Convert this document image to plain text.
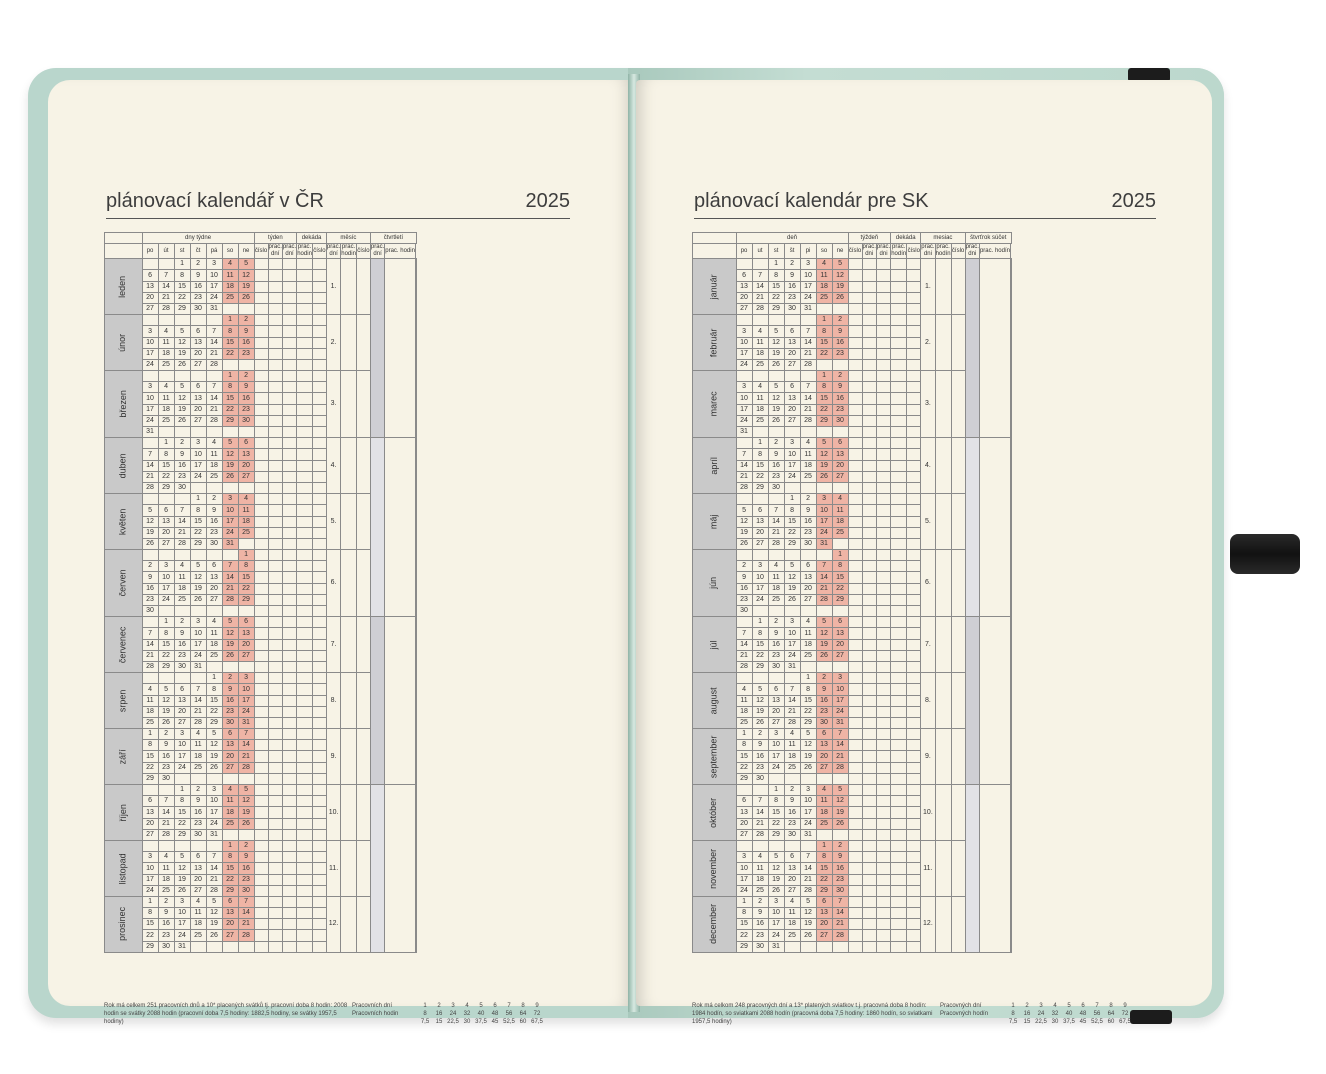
plánovací kalendář v ČR	2025
	dny týdne							týden			dekáda		měsíc			čtvrtletí		
	po	út	st	čt	pá	so	ne	číslo	prac. dní	prac. dní	prac. hodin	číslo	prac. dní	prac. hodin	číslo	prac. dní	prac. hodin	
leden			1	2	3	4	5						1.					
	6	7	8	9	10	11	12											
	13	14	15	16	17	18	19											
	20	21	22	23	24	25	26											
	27	28	29	30	31													
únor						1	2						2.					
	3	4	5	6	7	8	9											
	10	11	12	13	14	15	16											
	17	18	19	20	21	22	23											
	24	25	26	27	28													
březen						1	2						3.					
	3	4	5	6	7	8	9											
	10	11	12	13	14	15	16											
	17	18	19	20	21	22	23											
	24	25	26	27	28	29	30											
	31																	
duben		1	2	3	4	5	6						4.					
	7	8	9	10	11	12	13											
	14	15	16	17	18	19	20											
	21	22	23	24	25	26	27											
	28	29	30															
květen				1	2	3	4						5.					
	5	6	7	8	9	10	11											
	12	13	14	15	16	17	18											
	19	20	21	22	23	24	25											
	26	27	28	29	30	31												
červen							1						6.					
	2	3	4	5	6	7	8											
	9	10	11	12	13	14	15											
	16	17	18	19	20	21	22											
	23	24	25	26	27	28	29											
	30																	
červenec		1	2	3	4	5	6						7.					
	7	8	9	10	11	12	13											
	14	15	16	17	18	19	20											
	21	22	23	24	25	26	27											
	28	29	30	31														
srpen					1	2	3						8.					
	4	5	6	7	8	9	10											
	11	12	13	14	15	16	17											
	18	19	20	21	22	23	24											
	25	26	27	28	29	30	31											
září	1	2	3	4	5	6	7						9.					
	8	9	10	11	12	13	14											
	15	16	17	18	19	20	21											
	22	23	24	25	26	27	28											
	29	30																
říjen			1	2	3	4	5						10.					
	6	7	8	9	10	11	12											
	13	14	15	16	17	18	19											
	20	21	22	23	24	25	26											
	27	28	29	30	31													
listopad						1	2						11.					
	3	4	5	6	7	8	9											
	10	11	12	13	14	15	16											
	17	18	19	20	21	22	23											
	24	25	26	27	28	29	30											
prosinec	1	2	3	4	5	6	7						12.					
	8	9	10	11	12	13	14											
	15	16	17	18	19	20	21											
	22	23	24	25	26	27	28											
	29	30	31															
Rok má celkem 251 pracovních dnů a 10* placených svátků tj. pracovní doba 8 hodin: 2008 hodin se svátky 2088 hodin (pracovní doba 7,5 hodiny: 1882,5 hodiny, se svátky 1957,5 hodiny)
Pracovních dní	1 2 3 4 5 6 7 8 9
Pracovních hodin	8 16 24 32 40 48 56 64 72
7,5 15 22,5 30 37,5 45 52,5 60 67,5
plánovací kalendár pre SK	2025
	deň							týždeň			dekáda		mesiac			štvrťrok súčet		
	po	ut	st	št	pi	so	ne	číslo	prac. dni	prac. dni	prac. hodín	číslo	prac. dni	prac. hodín	číslo	prac. dni	prac. hodín	
január			1	2	3	4	5						1.					
	6	7	8	9	10	11	12											
	13	14	15	16	17	18	19											
	20	21	22	23	24	25	26											
	27	28	29	30	31													
február						1	2						2.					
	3	4	5	6	7	8	9											
	10	11	12	13	14	15	16											
	17	18	19	20	21	22	23											
	24	25	26	27	28													
marec						1	2						3.					
	3	4	5	6	7	8	9											
	10	11	12	13	14	15	16											
	17	18	19	20	21	22	23											
	24	25	26	27	28	29	30											
	31																	
apríl		1	2	3	4	5	6						4.					
	7	8	9	10	11	12	13											
	14	15	16	17	18	19	20											
	21	22	23	24	25	26	27											
	28	29	30															
máj				1	2	3	4						5.					
	5	6	7	8	9	10	11											
	12	13	14	15	16	17	18											
	19	20	21	22	23	24	25											
	26	27	28	29	30	31												
jún							1						6.					
	2	3	4	5	6	7	8											
	9	10	11	12	13	14	15											
	16	17	18	19	20	21	22											
	23	24	25	26	27	28	29											
	30																	
júl		1	2	3	4	5	6						7.					
	7	8	9	10	11	12	13											
	14	15	16	17	18	19	20											
	21	22	23	24	25	26	27											
	28	29	30	31														
august					1	2	3						8.					
	4	5	6	7	8	9	10											
	11	12	13	14	15	16	17											
	18	19	20	21	22	23	24											
	25	26	27	28	29	30	31											
september	1	2	3	4	5	6	7						9.					
	8	9	10	11	12	13	14											
	15	16	17	18	19	20	21											
	22	23	24	25	26	27	28											
	29	30																
október			1	2	3	4	5						10.					
	6	7	8	9	10	11	12											
	13	14	15	16	17	18	19											
	20	21	22	23	24	25	26											
	27	28	29	30	31													
november						1	2						11.					
	3	4	5	6	7	8	9											
	10	11	12	13	14	15	16											
	17	18	19	20	21	22	23											
	24	25	26	27	28	29	30											
december	1	2	3	4	5	6	7						12.					
	8	9	10	11	12	13	14											
	15	16	17	18	19	20	21											
	22	23	24	25	26	27	28											
	29	30	31															
Rok má celkom 248 pracovných dní a 13* platených sviatkov t.j. pracovná doba 8 hodín: 1984 hodín, so sviatkami 2088 hodín (pracovná doba 7,5 hodiny: 1860 hodín, so sviatkami 1957,5 hodiny)
Pracovných dní	1 2 3 4 5 6 7 8 9
Pracovných hodín	8 16 24 32 40 48 56 64 72
7,5 15 22,5 30 37,5 45 52,5 60 67,5
